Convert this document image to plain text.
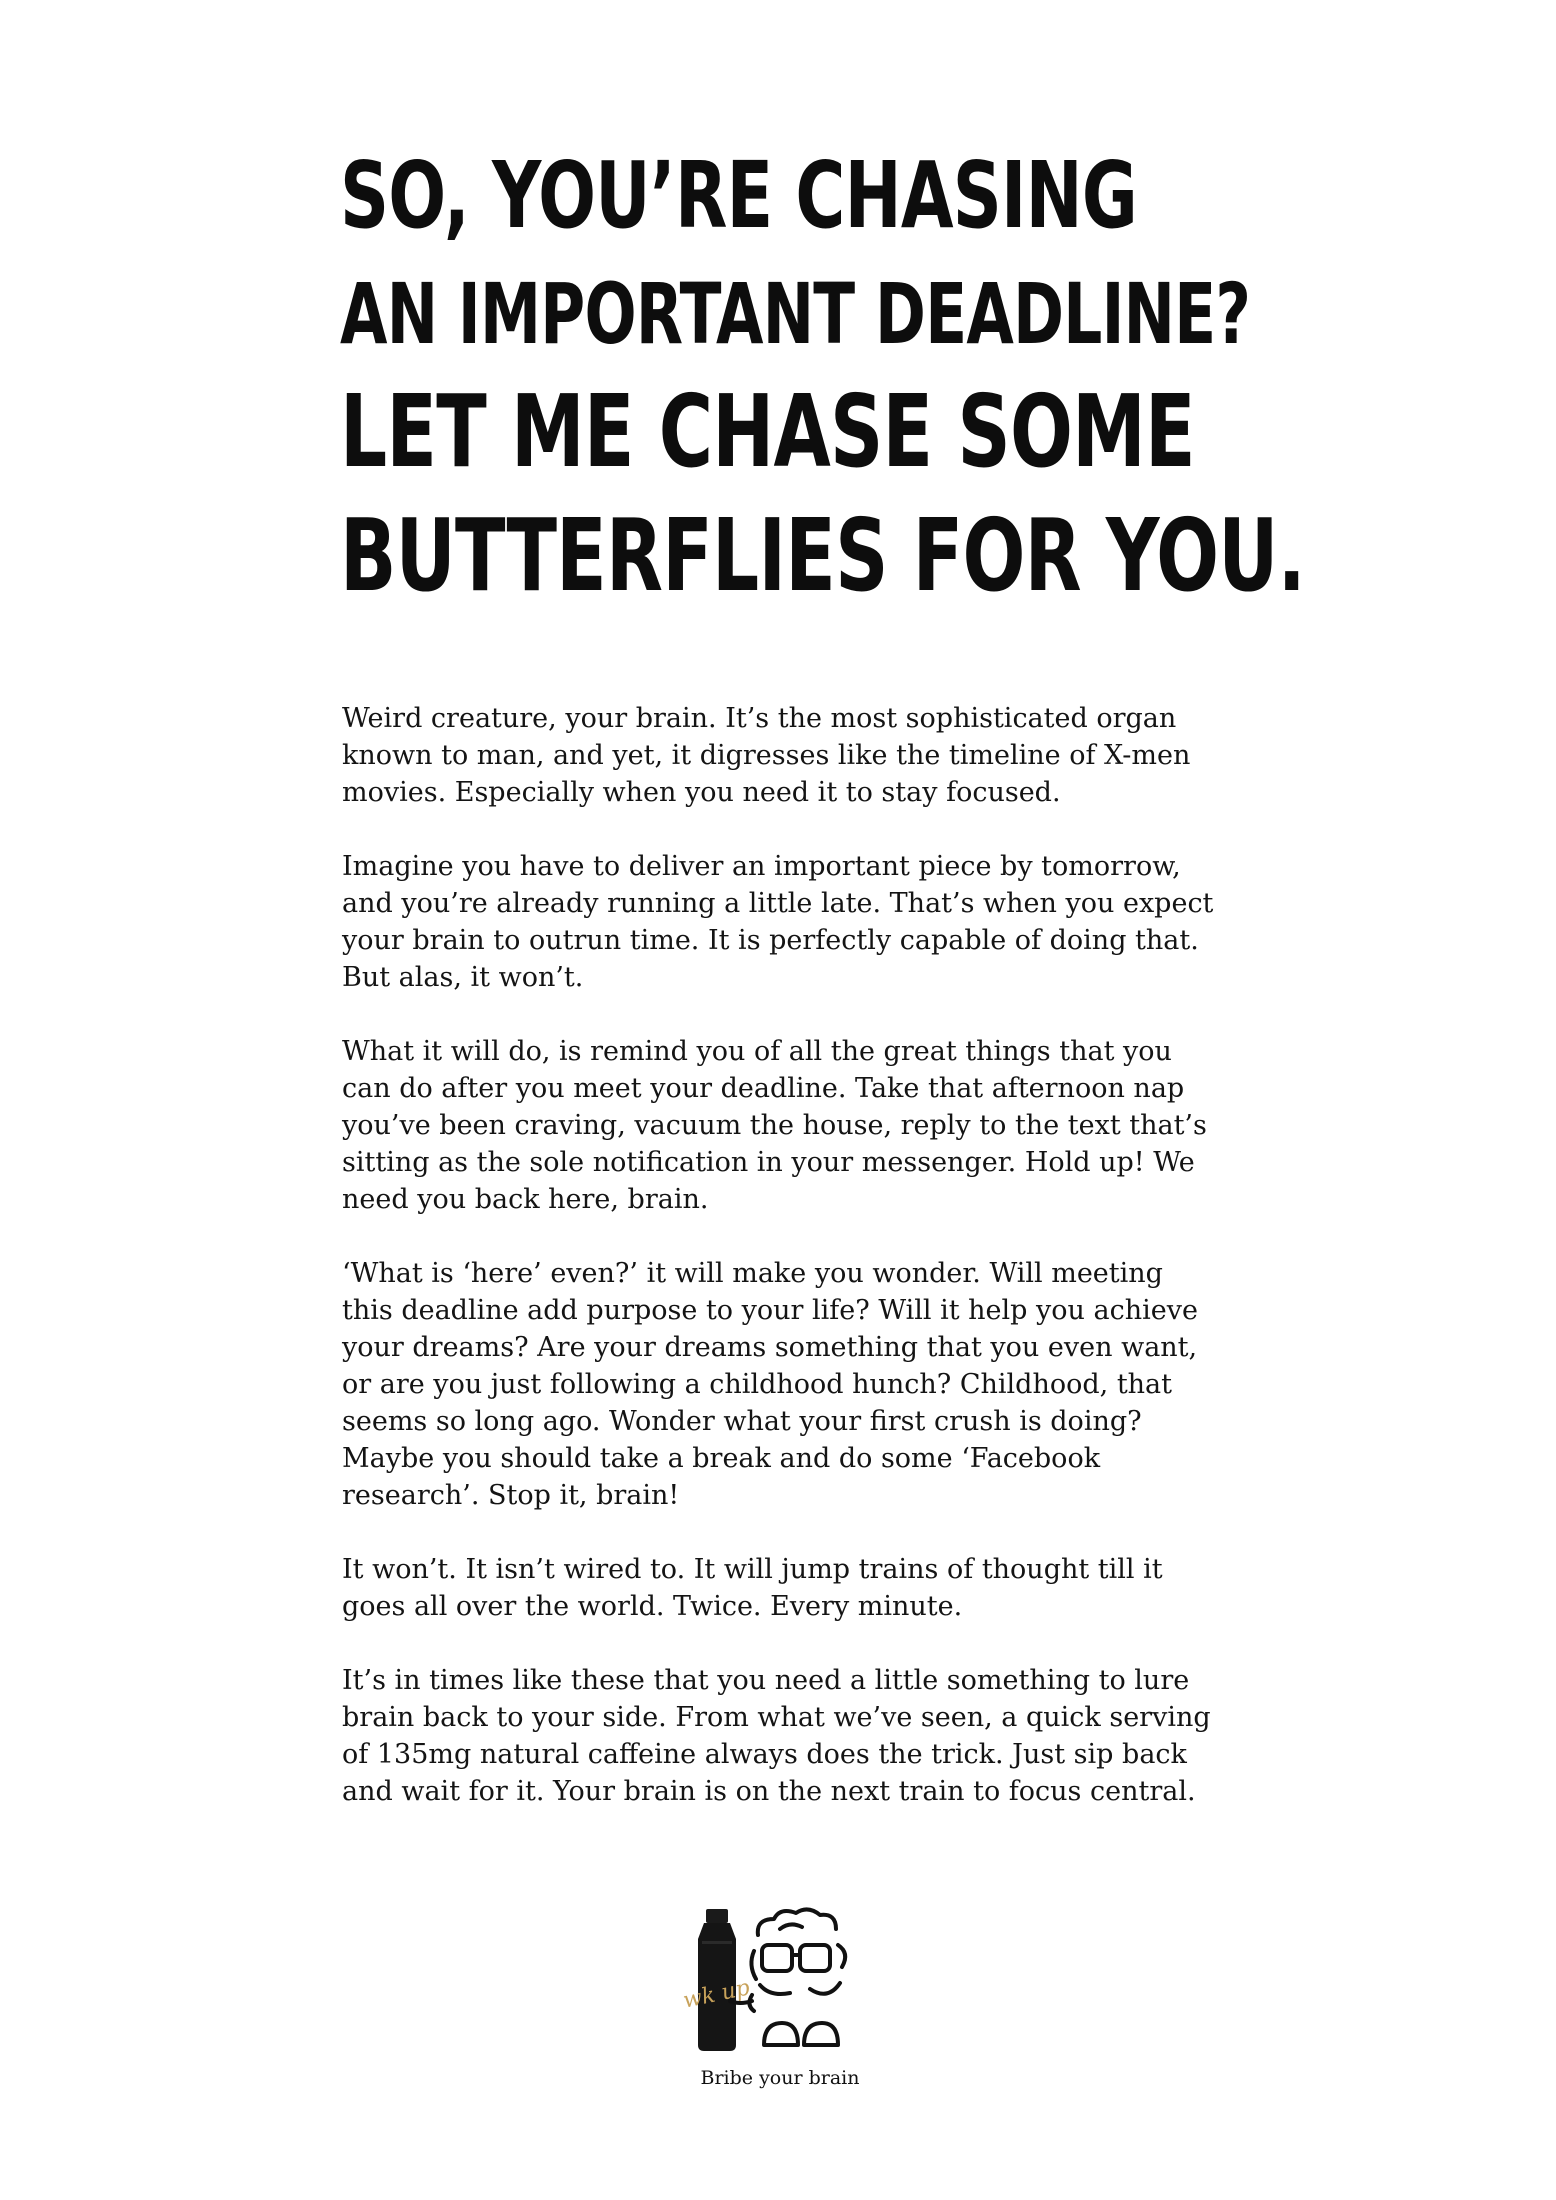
SO, YOU’RE CHASING
AN IMPORTANT DEADLINE?
LET ME CHASE SOME
BUTTERFLIES FOR YOU.

Weird creature, your brain. It’s the most sophisticated organ known to man, and yet, it digresses like the timeline of X-men movies. Especially when you need it to stay focused.

Imagine you have to deliver an important piece by tomorrow, and you’re already running a little late. That’s when you expect your brain to outrun time. It is perfectly capable of doing that. But alas, it won’t.

What it will do, is remind you of all the great things that you can do after you meet your deadline. Take that afternoon nap you’ve been craving, vacuum the house, reply to the text that’s sitting as the sole notification in your messenger. Hold up! We need you back here, brain.

‘What is ‘here’ even?’ it will make you wonder. Will meeting this deadline add purpose to your life? Will it help you achieve your dreams? Are your dreams something that you even want, or are you just following a childhood hunch? Childhood, that seems so long ago. Wonder what your first crush is doing? Maybe you should take a break and do some ‘Facebook research’. Stop it, brain!

It won’t. It isn’t wired to. It will jump trains of thought till it goes all over the world. Twice. Every minute.

It’s in times like these that you need a little something to lure brain back to your side. From what we’ve seen, a quick serving of 135mg natural caffeine always does the trick. Just sip back and wait for it. Your brain is on the next train to focus central.

wk up
Bribe your brain
